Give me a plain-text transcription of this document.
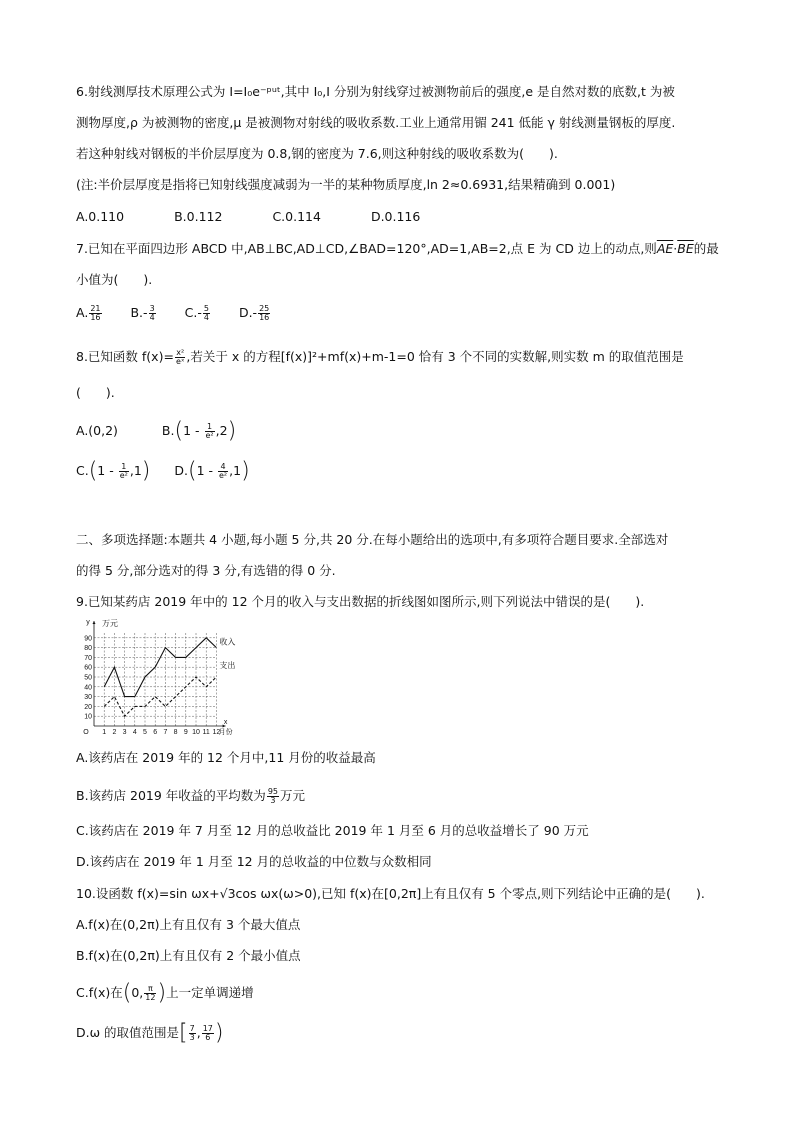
6.射线测厚技术原理公式为 I=I₀e⁻ᵖᵘᵗ,其中 I₀,I 分别为射线穿过被测物前后的强度,e 是自然对数的底数,t 为被
测物厚度,ρ 为被测物的密度,μ 是被测物对射线的吸收系数.工业上通常用镅 241 低能 γ 射线测量钢板的厚度.
若这种射线对钢板的半价层厚度为 0.8,钢的密度为 7.6,则这种射线的吸收系数为(　　).
(注:半价层厚度是指将已知射线强度减弱为一半的某种物质厚度,ln 2≈0.6931,结果精确到 0.001)
A.0.110	B.0.112	C.0.114	D.0.116
7.已知在平面四边形 ABCD 中,AB⊥BC,AD⊥CD,∠BAD=120°,AD=1,AB=2,点 E 为 CD 边上的动点,则$\overline{AE}\cdot\overline{BE}$的最
小值为(　　).
A. $\frac{21}{16} B.- \frac{3}{4} C.- \frac{5}{4} D.- \frac{25}{16}$
8.已知函数 $f(x)= \frac{\text{x²}}{\text{eˣ}}$ ,若关于 x 的方程[f(x)]²+mf(x)+m-1=0 恰有 3 个不同的实数解,则实数 m 的取值范围是
(　　).
A.(0,2)	$B.(1 - \frac{1}{\text{e²}} ,2)$
$C.(1 - \frac{1}{\text{e²}} ,1)$ $D.(1 - \frac{4}{\text{e²}} ,1)$
二、多项选择题:本题共 4 小题,每小题 5 分,共 20 分.在每小题给出的选项中,有多项符合题目要求.全部选对
的得 5 分,部分选对的得 3 分,有选错的得 0 分.
9.已知某药店 2019 年中的 12 个月的收入与支出数据的折线图如图所示,则下列说法中错误的是(　　).
10
20
30
40
50
60
70
80
90
1 2 3 4 5 6 7 8 9 10 11 12
y 万元
O
x
月份
收入
支出
A.该药店在 2019 年的 12 个月中,11 月份的收益最高
B.该药店 2019 年收益的平均数为 $\frac{95}{3}$ 万元
C.该药店在 2019 年 7 月至 12 月的总收益比 2019 年 1 月至 6 月的总收益增长了 90 万元
D.该药店在 2019 年 1 月至 12 月的总收益的中位数与众数相同
10.设函数 f(x)=sin ωx+√3cos ωx(ω>0),已知 f(x)在[0,2π]上有且仅有 5 个零点,则下列结论中正确的是(　　).
A.f(x)在(0,2π)上有且仅有 3 个最大值点
B.f(x)在(0,2π)上有且仅有 2 个最小值点
C.f(x)在(0, $\frac{\pi}{12}$ )上一定单调递增
D.ω 的取值范围是[ $\frac{7}{3}$ , $\frac{17}{6}$ )
